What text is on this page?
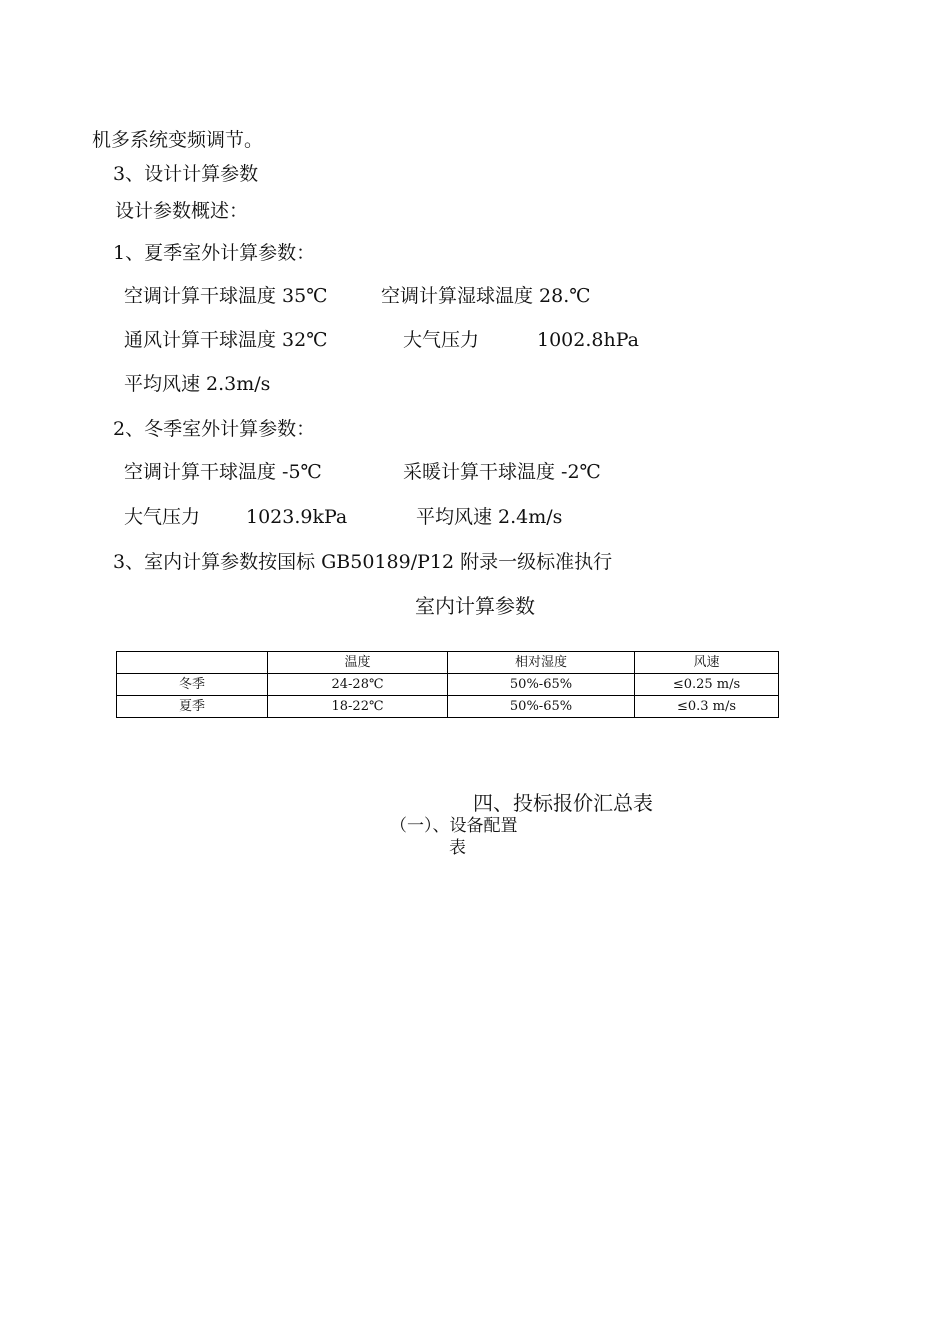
机多系统变频调节。
3、设计计算参数
设计参数概述：
1、夏季室外计算参数：
空调计算干球温度 35℃	空调计算湿球温度 28.℃
通风计算干球温度 32℃	大气压力	1002.8hPa
平均风速 2.3m/s
2、冬季室外计算参数：
空调计算干球温度 -5℃	采暖计算干球温度 -2℃
大气压力 1023.9kPa	平均风速 2.4m/s
3、室内计算参数按国标 GB50189/P12 附录一级标准执行
室内计算参数
	温度	相对湿度	风速
冬季	24-28℃	50%-65%	≤0.25 m/s
夏季	18-22℃	50%-65%	≤0.3 m/s
四、投标报价汇总表
（一）、设备配置
表
